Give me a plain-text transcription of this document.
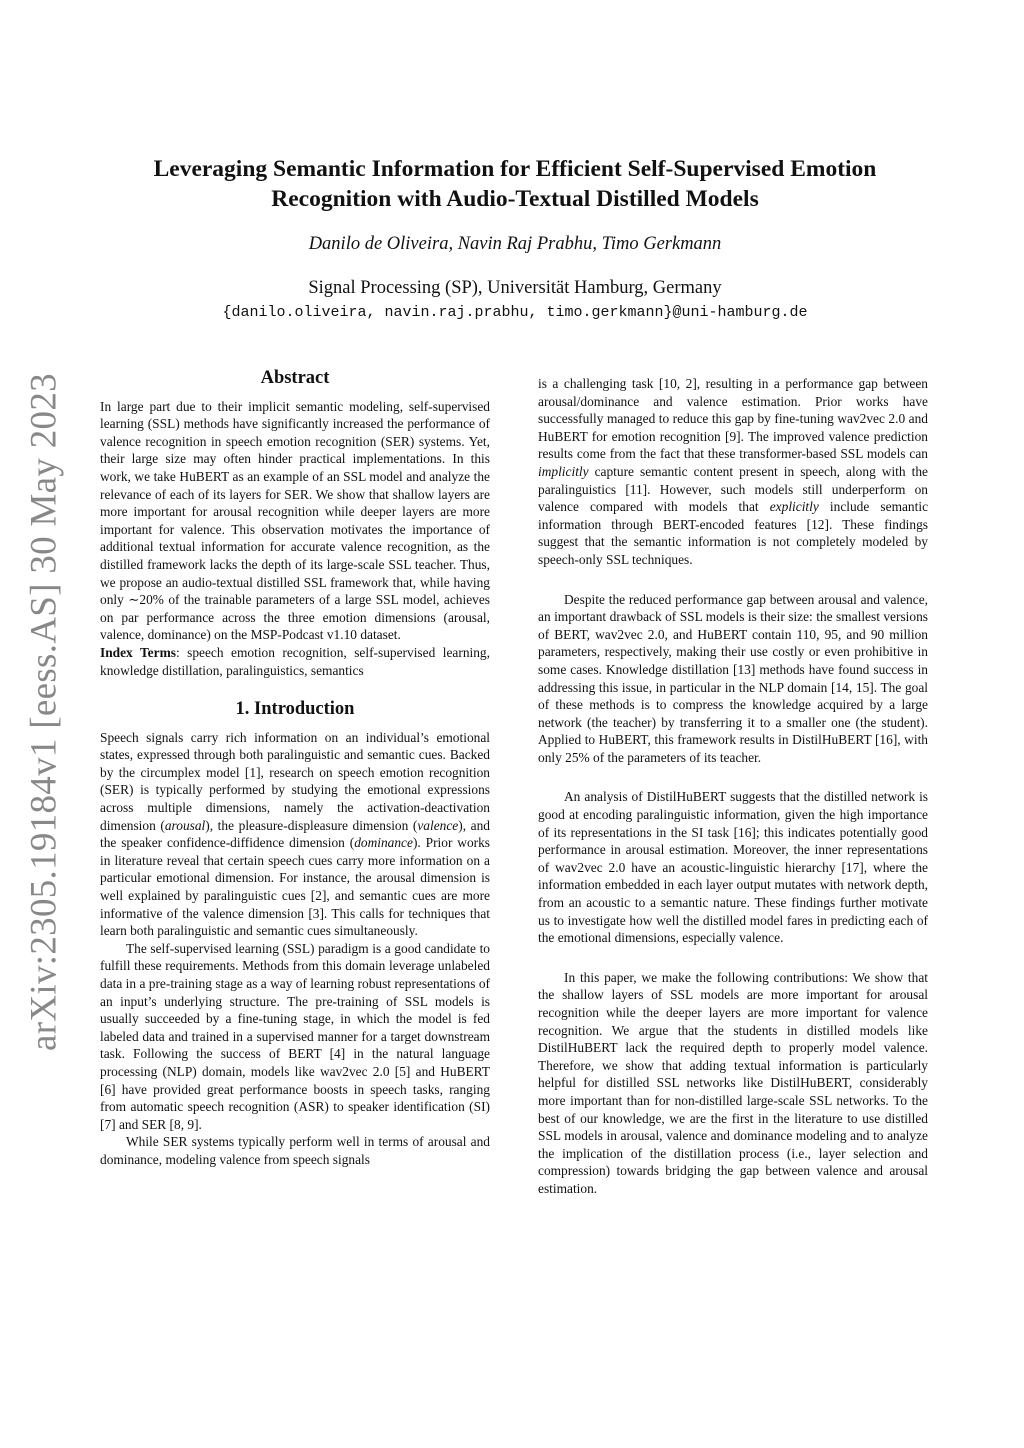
arXiv:2305.19184v1 [eess.AS] 30 May 2023
Leveraging Semantic Information for Efficient Self-Supervised Emotion Recognition with Audio-Textual Distilled Models
Danilo de Oliveira, Navin Raj Prabhu, Timo Gerkmann
Signal Processing (SP), Universität Hamburg, Germany
{danilo.oliveira, navin.raj.prabhu, timo.gerkmann}@uni-hamburg.de
Abstract

In large part due to their implicit semantic modeling, self-supervised learning (SSL) methods have significantly increased the performance of valence recognition in speech emotion recognition (SER) systems. Yet, their large size may often hinder practical implementations. In this work, we take HuBERT as an example of an SSL model and analyze the relevance of each of its layers for SER. We show that shallow layers are more important for arousal recognition while deeper layers are more important for valence. This observation motivates the importance of additional textual information for accurate valence recognition, as the distilled framework lacks the depth of its large-scale SSL teacher. Thus, we propose an audio-textual distilled SSL framework that, while having only ∼20% of the trainable parameters of a large SSL model, achieves on par performance across the three emotion dimensions (arousal, valence, dominance) on the MSP-Podcast v1.10 dataset.

Index Terms: speech emotion recognition, self-supervised learning, knowledge distillation, paralinguistics, semantics

1. Introduction

Speech signals carry rich information on an individual’s emotional states, expressed through both paralinguistic and semantic cues. Backed by the circumplex model [1], research on speech emotion recognition (SER) is typically performed by studying the emotional expressions across multiple dimensions, namely the activation-deactivation dimension (arousal), the pleasure-displeasure dimension (valence), and the speaker confidence-diffidence dimension (dominance). Prior works in literature reveal that certain speech cues carry more information on a particular emotional dimension. For instance, the arousal dimension is well explained by paralinguistic cues [2], and semantic cues are more informative of the valence dimension [3]. This calls for techniques that learn both paralinguistic and semantic cues simultaneously.

The self-supervised learning (SSL) paradigm is a good candidate to fulfill these requirements. Methods from this domain leverage unlabeled data in a pre-training stage as a way of learning robust representations of an input’s underlying structure. The pre-training of SSL models is usually succeeded by a fine-tuning stage, in which the model is fed labeled data and trained in a supervised manner for a target downstream task. Following the success of BERT [4] in the natural language processing (NLP) domain, models like wav2vec 2.0 [5] and HuBERT [6] have provided great performance boosts in speech tasks, ranging from automatic speech recognition (ASR) to speaker identification (SI) [7] and SER [8, 9].

While SER systems typically perform well in terms of arousal and dominance, modeling valence from speech signals

is a challenging task [10, 2], resulting in a performance gap between arousal/dominance and valence estimation. Prior works have successfully managed to reduce this gap by fine-tuning wav2vec 2.0 and HuBERT for emotion recognition [9]. The improved valence prediction results come from the fact that these transformer-based SSL models can implicitly capture semantic content present in speech, along with the paralinguistics [11]. However, such models still underperform on valence compared with models that explicitly include semantic information through BERT-encoded features [12]. These findings suggest that the semantic information is not completely modeled by speech-only SSL techniques.

Despite the reduced performance gap between arousal and valence, an important drawback of SSL models is their size: the smallest versions of BERT, wav2vec 2.0, and HuBERT contain 110, 95, and 90 million parameters, respectively, making their use costly or even prohibitive in some cases. Knowledge distillation [13] methods have found success in addressing this issue, in particular in the NLP domain [14, 15]. The goal of these methods is to compress the knowledge acquired by a large network (the teacher) by transferring it to a smaller one (the student). Applied to HuBERT, this framework results in DistilHuBERT [16], with only 25% of the parameters of its teacher.

An analysis of DistilHuBERT suggests that the distilled network is good at encoding paralinguistic information, given the high importance of its representations in the SI task [16]; this indicates potentially good performance in arousal estimation. Moreover, the inner representations of wav2vec 2.0 have an acoustic-linguistic hierarchy [17], where the information embedded in each layer output mutates with network depth, from an acoustic to a semantic nature. These findings further motivate us to investigate how well the distilled model fares in predicting each of the emotional dimensions, especially valence.

In this paper, we make the following contributions: We show that the shallow layers of SSL models are more important for arousal recognition while the deeper layers are more important for valence recognition. We argue that the students in distilled models like DistilHuBERT lack the required depth to properly model valence. Therefore, we show that adding textual information is particularly helpful for distilled SSL networks like DistilHuBERT, considerably more important than for non-distilled large-scale SSL networks. To the best of our knowledge, we are the first in the literature to use distilled SSL models in arousal, valence and dominance modeling and to analyze the implication of the distillation process (i.e., layer selection and compression) towards bridging the gap between valence and arousal estimation.
